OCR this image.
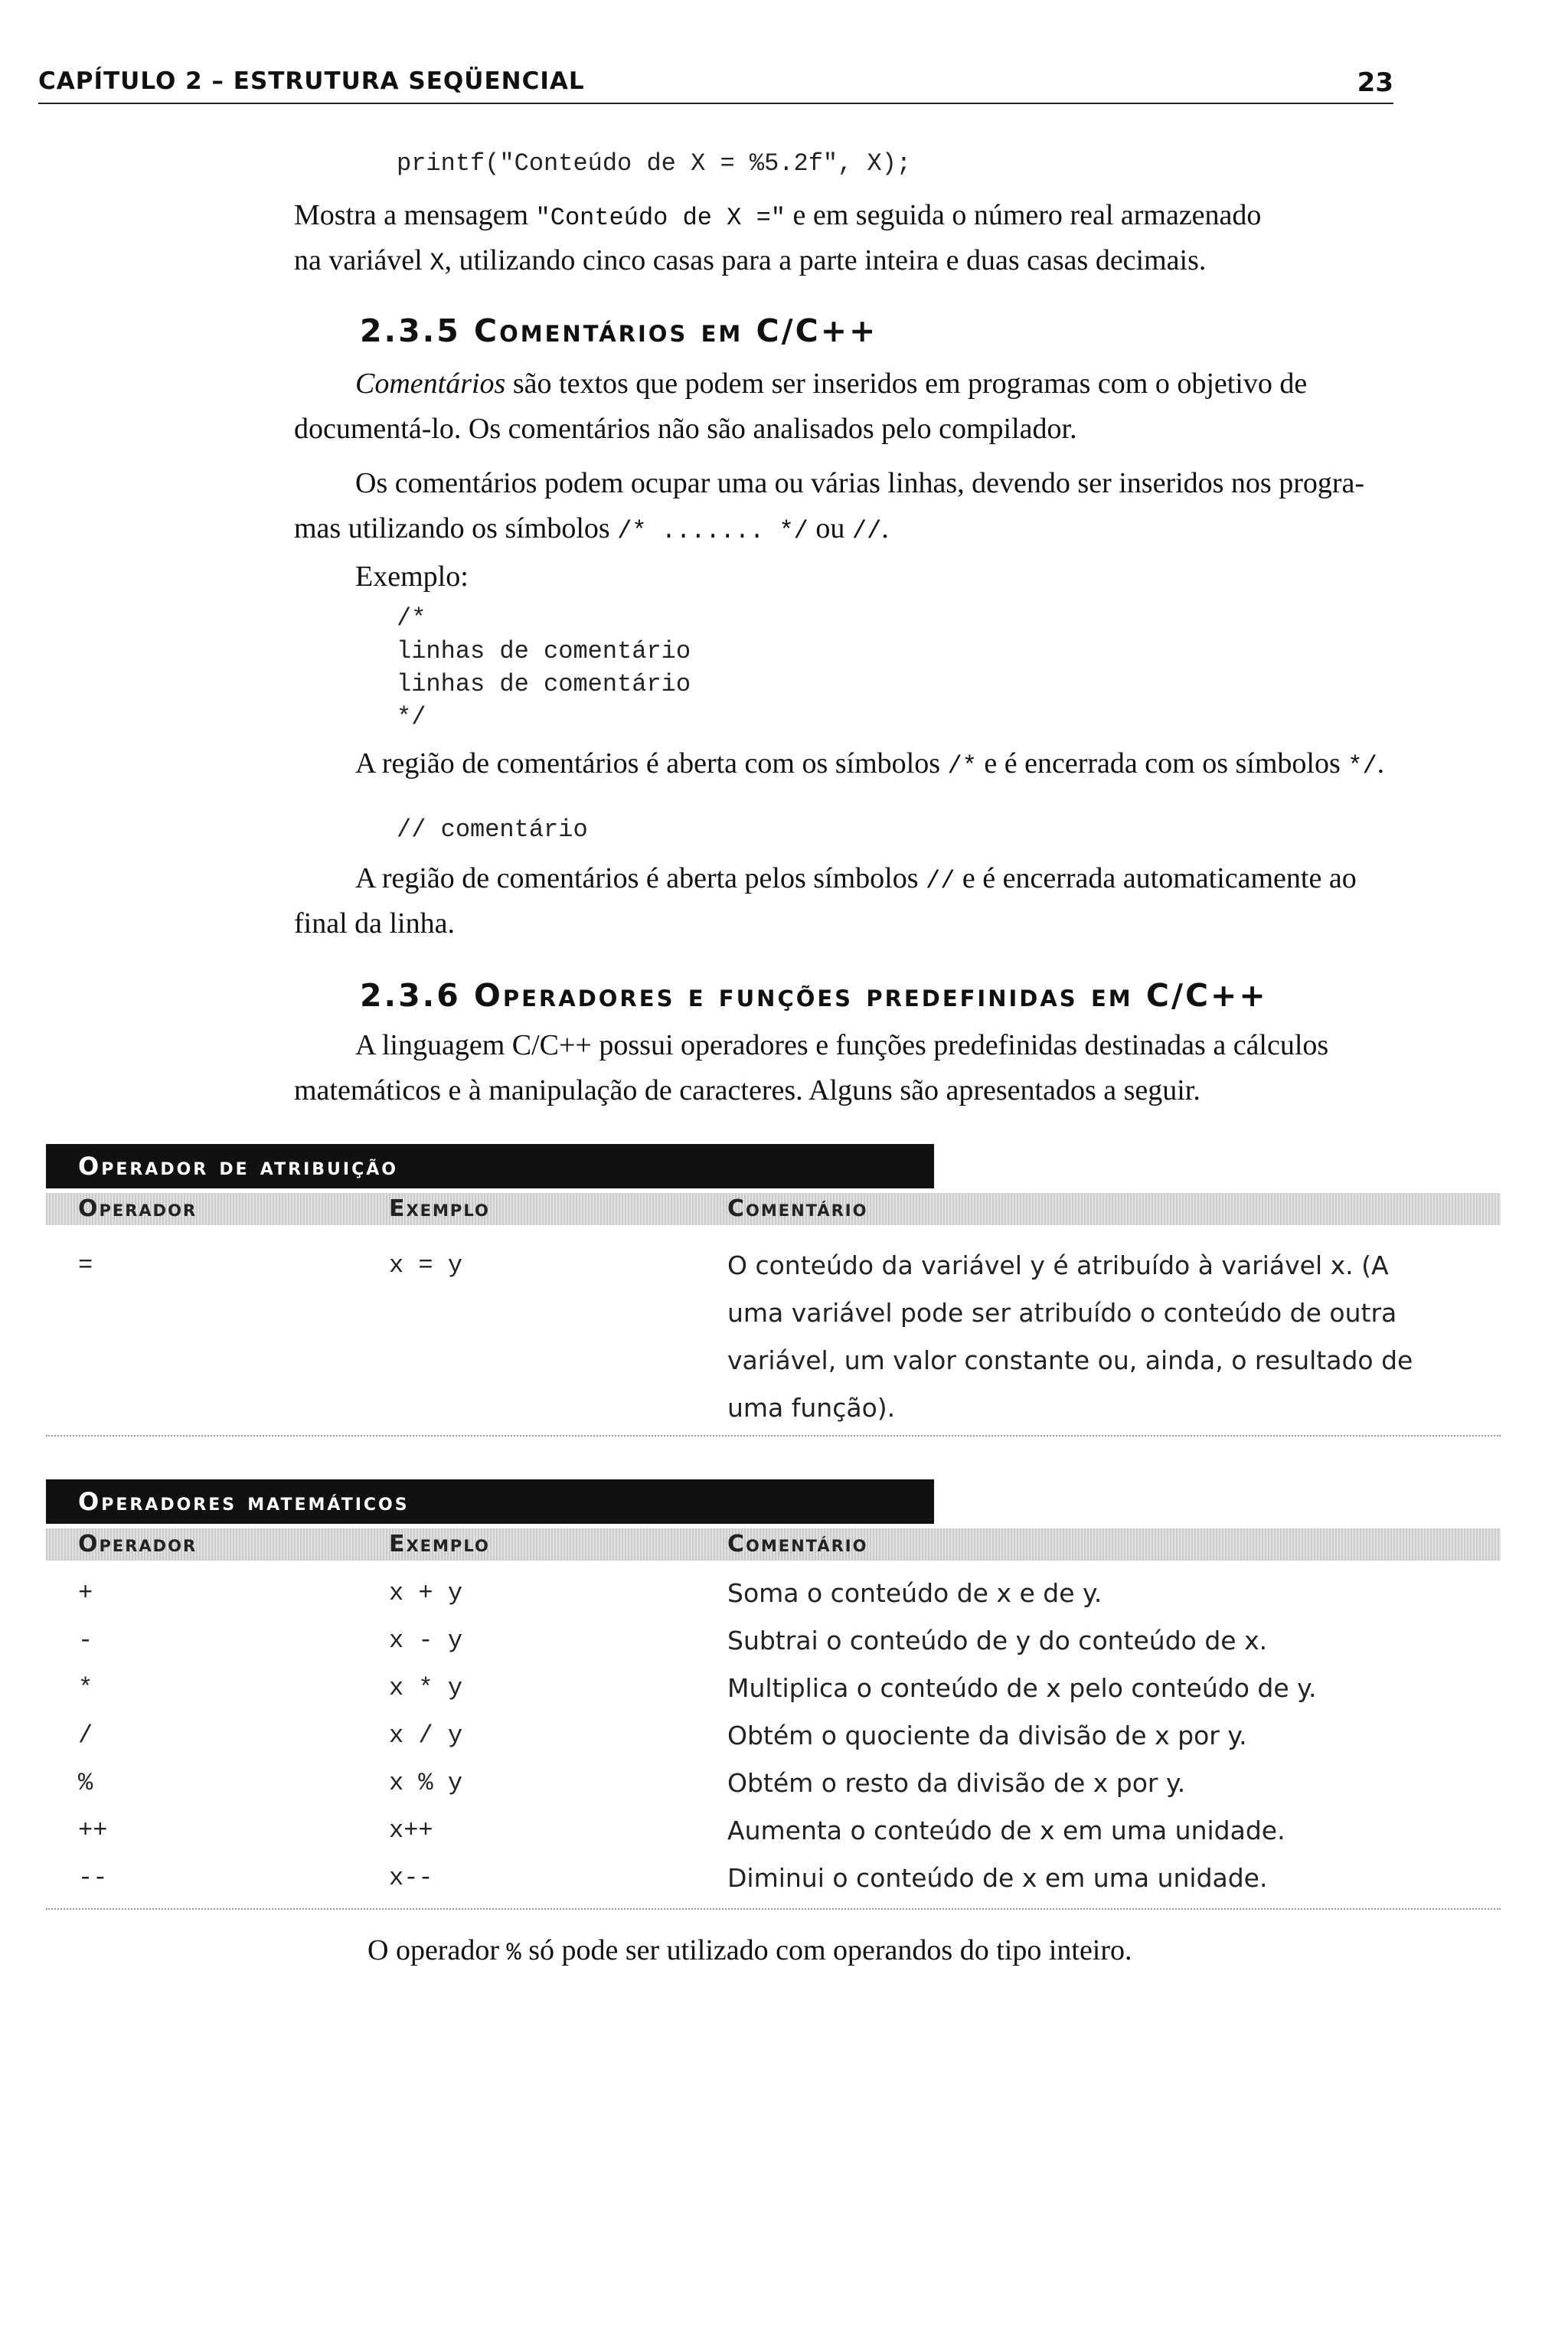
CAPÍTULO 2 – ESTRUTURA SEQÜENCIAL	23
printf("Conteúdo de X = %5.2f", X);
Mostra a mensagem "Conteúdo de X =" e em seguida o número real armazenado
na variável X, utilizando cinco casas para a parte inteira e duas casas decimais.
2.3.5 Comentários em C/C++
Comentários são textos que podem ser inseridos em programas com o objetivo de
documentá-lo. Os comentários não são analisados pelo compilador.
Os comentários podem ocupar uma ou várias linhas, devendo ser inseridos nos progra-
mas utilizando os símbolos /* ....... */ ou //.
Exemplo:
/*
linhas de comentário
linhas de comentário
*/
A região de comentários é aberta com os símbolos /* e é encerrada com os símbolos */.
// comentário
A região de comentários é aberta pelos símbolos // e é encerrada automaticamente ao
final da linha.
2.3.6 Operadores e funções predefinidas em C/C++
A linguagem C/C++ possui operadores e funções predefinidas destinadas a cálculos
matemáticos e à manipulação de caracteres. Alguns são apresentados a seguir.
Operador de atribuição
Operador	Exemplo	Comentário
=	x = y	O conteúdo da variável y é atribuído à variável x. (A
uma variável pode ser atribuído o conteúdo de outra
variável, um valor constante ou, ainda, o resultado de
uma função).
Operadores matemáticos
Operador	Exemplo	Comentário
+	x + y	Soma o conteúdo de x e de y.
-	x - y	Subtrai o conteúdo de y do conteúdo de x.
*	x * y	Multiplica o conteúdo de x pelo conteúdo de y.
/	x / y	Obtém o quociente da divisão de x por y.
%	x % y	Obtém o resto da divisão de x por y.
++	x++	Aumenta o conteúdo de x em uma unidade.
--	x--	Diminui o conteúdo de x em uma unidade.
O operador % só pode ser utilizado com operandos do tipo inteiro.
